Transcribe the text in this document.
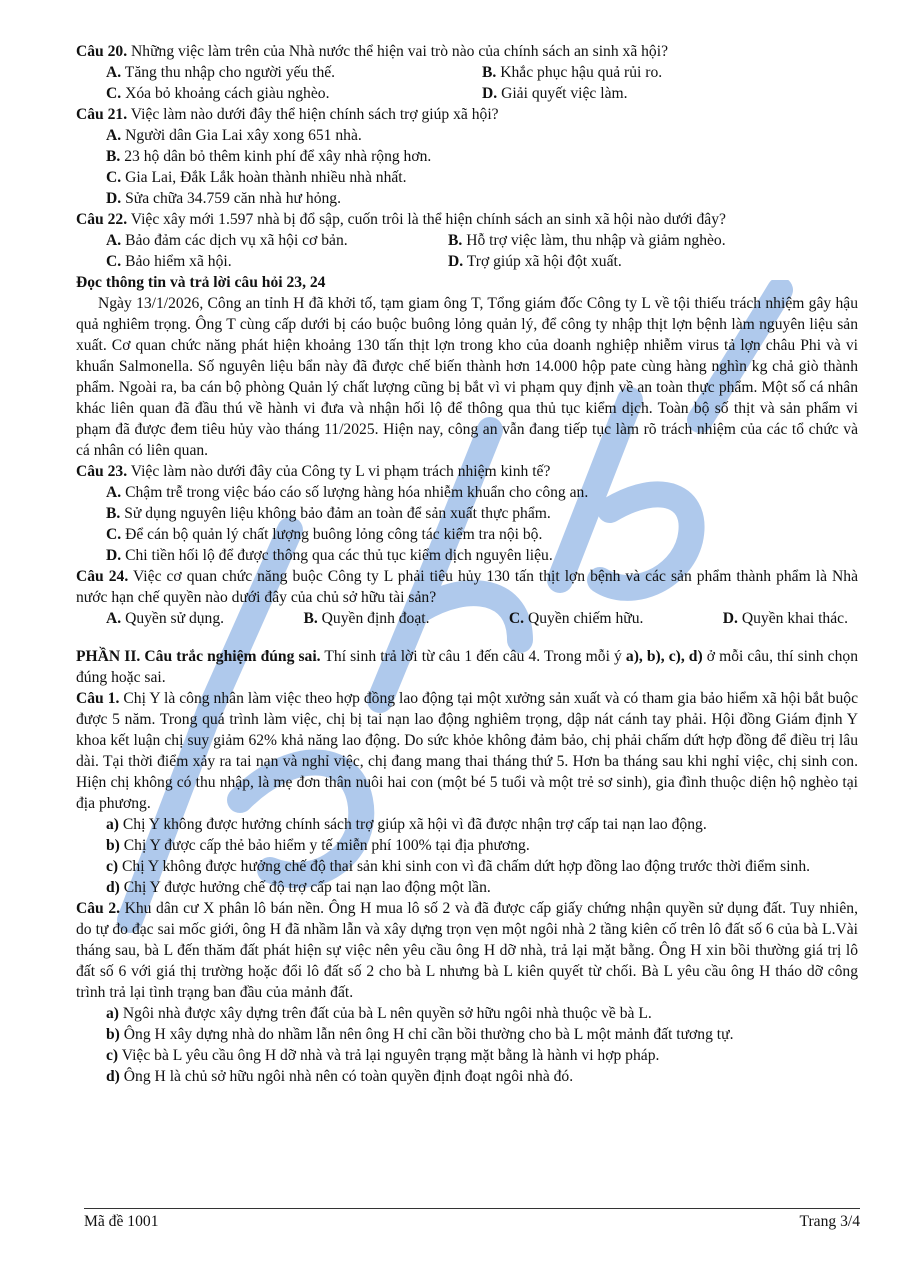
Câu 20. Những việc làm trên của Nhà nước thể hiện vai trò nào của chính sách an sinh xã hội?

A. Tăng thu nhập cho người yếu thế.	B. Khắc phục hậu quả rủi ro.
C. Xóa bỏ khoảng cách giàu nghèo.	D. Giải quyết việc làm.

Câu 21. Việc làm nào dưới đây thể hiện chính sách trợ giúp xã hội?

A. Người dân Gia Lai xây xong 651 nhà.
B. 23 hộ dân bỏ thêm kinh phí để xây nhà rộng hơn.
C. Gia Lai, Đắk Lắk hoàn thành nhiều nhà nhất.
D. Sửa chữa 34.759 căn nhà hư hỏng.

Câu 22. Việc xây mới 1.597 nhà bị đổ sập, cuốn trôi là thể hiện chính sách an sinh xã hội nào dưới đây?

A. Bảo đảm các dịch vụ xã hội cơ bản.	B. Hỗ trợ việc làm, thu nhập và giảm nghèo.
C. Bảo hiểm xã hội.	D. Trợ giúp xã hội đột xuất.

Đọc thông tin và trả lời câu hỏi 23, 24

Ngày 13/1/2026, Công an tỉnh H đã khởi tố, tạm giam ông T, Tổng giám đốc Công ty L về tội thiếu trách nhiệm gây hậu quả nghiêm trọng. Ông T cùng cấp dưới bị cáo buộc buông lỏng quản lý, để công ty nhập thịt lợn bệnh làm nguyên liệu sản xuất. Cơ quan chức năng phát hiện khoảng 130 tấn thịt lợn trong kho của doanh nghiệp nhiễm virus tả lợn châu Phi và vi khuẩn Salmonella. Số nguyên liệu bẩn này đã được chế biến thành hơn 14.000 hộp pate cùng hàng nghìn kg chả giò thành phẩm. Ngoài ra, ba cán bộ phòng Quản lý chất lượng cũng bị bắt vì vi phạm quy định về an toàn thực phẩm. Một số cá nhân khác liên quan đã đầu thú về hành vi đưa và nhận hối lộ để thông qua thủ tục kiểm dịch. Toàn bộ số thịt và sản phẩm vi phạm đã được đem tiêu hủy vào tháng 11/2025. Hiện nay, công an vẫn đang tiếp tục làm rõ trách nhiệm của các tổ chức và cá nhân có liên quan.

Câu 23. Việc làm nào dưới đây của Công ty L vi phạm trách nhiệm kinh tế?

A. Chậm trễ trong việc báo cáo số lượng hàng hóa nhiễm khuẩn cho công an.
B. Sử dụng nguyên liệu không bảo đảm an toàn để sản xuất thực phẩm.
C. Để cán bộ quản lý chất lượng buông lỏng công tác kiểm tra nội bộ.
D. Chi tiền hối lộ để được thông qua các thủ tục kiểm dịch nguyên liệu.

Câu 24. Việc cơ quan chức năng buộc Công ty L phải tiêu hủy 130 tấn thịt lợn bệnh và các sản phẩm thành phẩm là Nhà nước hạn chế quyền nào dưới đây của chủ sở hữu tài sản?

A. Quyền sử dụng.	B. Quyền định đoạt.	C. Quyền chiếm hữu.	D. Quyền khai thác.

PHẦN II. Câu trắc nghiệm đúng sai. Thí sinh trả lời từ câu 1 đến câu 4. Trong mỗi ý a), b), c), d) ở mỗi câu, thí sinh chọn đúng hoặc sai.

Câu 1. Chị Y là công nhân làm việc theo hợp đồng lao động tại một xưởng sản xuất và có tham gia bảo hiểm xã hội bắt buộc được 5 năm. Trong quá trình làm việc, chị bị tai nạn lao động nghiêm trọng, dập nát cánh tay phải. Hội đồng Giám định Y khoa kết luận chị suy giảm 62% khả năng lao động. Do sức khỏe không đảm bảo, chị phải chấm dứt hợp đồng để điều trị lâu dài. Tại thời điểm xảy ra tai nạn và nghỉ việc, chị đang mang thai tháng thứ 5. Hơn ba tháng sau khi nghỉ việc, chị sinh con. Hiện chị không có thu nhập, là mẹ đơn thân nuôi hai con (một bé 5 tuổi và một trẻ sơ sinh), gia đình thuộc diện hộ nghèo tại địa phương.

a) Chị Y không được hưởng chính sách trợ giúp xã hội vì đã được nhận trợ cấp tai nạn lao động.

b) Chị Y được cấp thẻ bảo hiểm y tế miễn phí 100% tại địa phương.

c) Chị Y không được hưởng chế độ thai sản khi sinh con vì đã chấm dứt hợp đồng lao động trước thời điểm sinh.

d) Chị Y được hưởng chế độ trợ cấp tai nạn lao động một lần.

Câu 2. Khu dân cư X phân lô bán nền. Ông H mua lô số 2 và đã được cấp giấy chứng nhận quyền sử dụng đất. Tuy nhiên, do tự đo đạc sai mốc giới, ông H đã nhầm lẫn và xây dựng trọn vẹn một ngôi nhà 2 tầng kiên cố trên lô đất số 6 của bà L.Vài tháng sau, bà L đến thăm đất phát hiện sự việc nên yêu cầu ông H dỡ nhà, trả lại mặt bằng. Ông H xin bồi thường giá trị lô đất số 6 với giá thị trường hoặc đổi lô đất số 2 cho bà L nhưng bà L kiên quyết từ chối. Bà L yêu cầu ông H tháo dỡ công trình trả lại tình trạng ban đầu của mảnh đất.

a) Ngôi nhà được xây dựng trên đất của bà L nên quyền sở hữu ngôi nhà thuộc về bà L.

b) Ông H xây dựng nhà do nhầm lẫn nên ông H chỉ cần bồi thường cho bà L một mảnh đất tương tự.

c) Việc bà L yêu cầu ông H dỡ nhà và trả lại nguyên trạng mặt bằng là hành vi hợp pháp.

d) Ông H là chủ sở hữu ngôi nhà nên có toàn quyền định đoạt ngôi nhà đó.

Mã đề 1001	Trang 3/4
